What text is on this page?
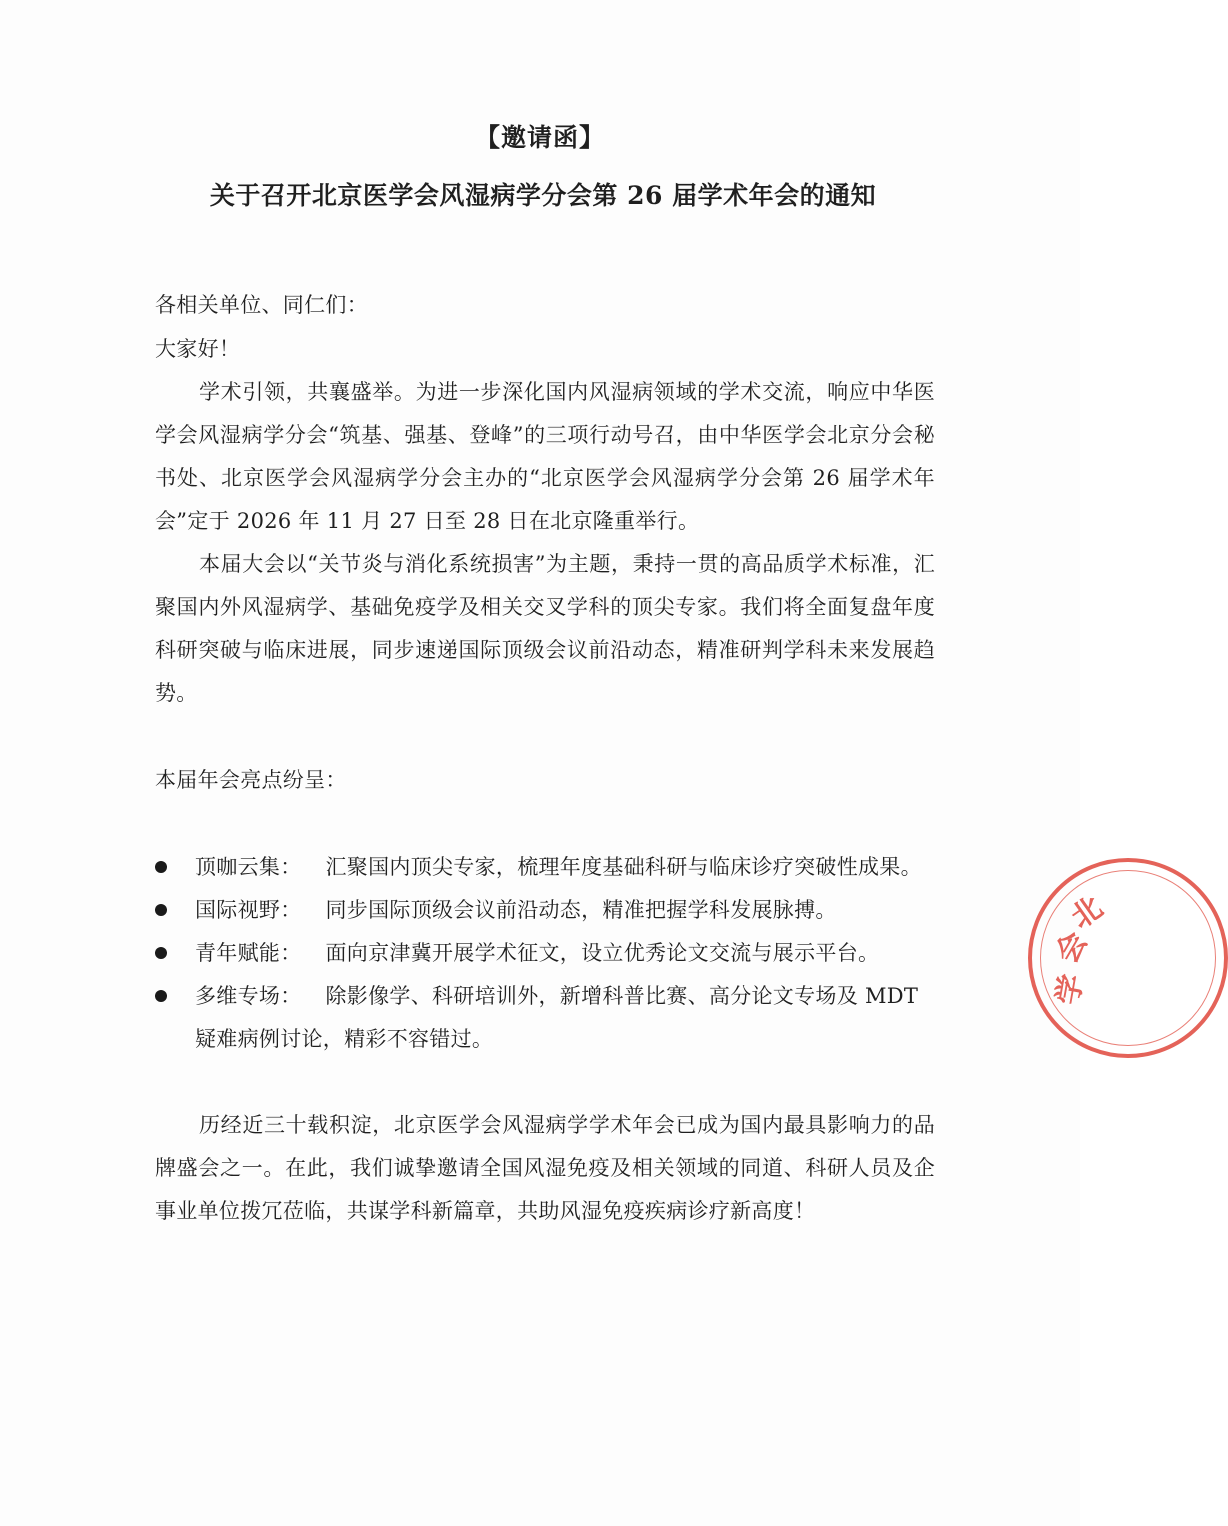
【邀请函】
关于召开北京医学会风湿病学分会第 26 届学术年会的通知
各相关单位、同仁们：
大家好！
学术引领，共襄盛举。为进一步深化国内风湿病领域的学术交流，响应中华医学会风湿病学分会“筑基、强基、登峰”的三项行动号召，由中华医学会北京分会秘书处、北京医学会风湿病学分会主办的“北京医学会风湿病学分会第 26 届学术年会”定于 2026 年 11 月 27 日至 28 日在北京隆重举行。
本届大会以“关节炎与消化系统损害”为主题，秉持一贯的高品质学术标准，汇聚国内外风湿病学、基础免疫学及相关交叉学科的顶尖专家。我们将全面复盘年度科研突破与临床进展，同步速递国际顶级会议前沿动态，精准研判学科未来发展趋势。
本届年会亮点纷呈：
顶咖云集： 汇聚国内顶尖专家，梳理年度基础科研与临床诊疗突破性成果。
国际视野： 同步国际顶级会议前沿动态，精准把握学科发展脉搏。
青年赋能： 面向京津冀开展学术征文，设立优秀论文交流与展示平台。
多维专场： 除影像学、科研培训外，新增科普比赛、高分论文专场及 MDT 疑难病例讨论，精彩不容错过。
历经近三十载积淀，北京医学会风湿病学学术年会已成为国内最具影响力的品牌盛会之一。在此，我们诚挚邀请全国风湿免疫及相关领域的同道、科研人员及企事业单位拨冗莅临，共谋学科新篇章，共助风湿免疫疾病诊疗新高度！
学
会
北
